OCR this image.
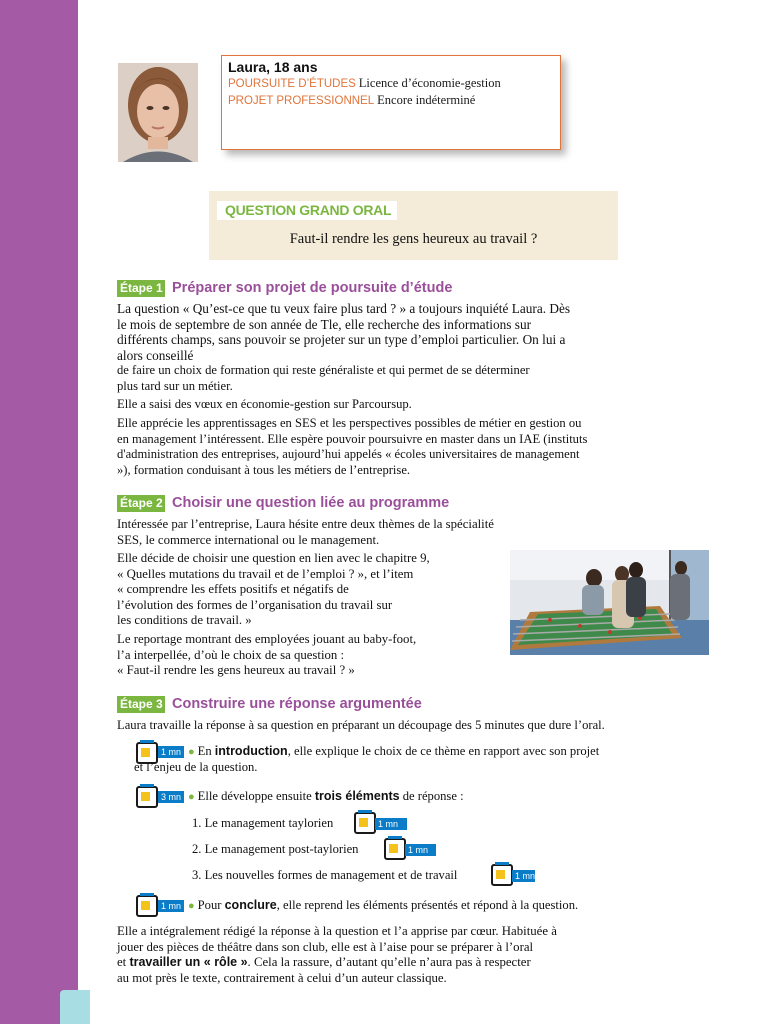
Laura, 18 ans
POURSUITE D’ÉTUDES Licence d’économie-gestion
PROJET PROFESSIONNEL Encore indéterminé
QUESTION GRAND ORAL
Faut-il rendre les gens heureux au travail ?
Étape 1 Préparer son projet de poursuite d’étude
La question « Qu’est-ce que tu veux faire plus tard ? » a toujours inquiété Laura. Dès
le mois de septembre de son année de Tle, elle recherche des informations sur
différents champs, sans pouvoir se projeter sur un type d’emploi particulier. On lui a
alors conseillé
de faire un choix de formation qui reste généraliste et qui permet de se déterminer
plus tard sur un métier.
Elle a saisi des vœux en économie-gestion sur Parcoursup.
Elle apprécie les apprentissages en SES et les perspectives possibles de métier en gestion ou
en management l’intéressent. Elle espère pouvoir poursuivre en master dans un IAE (instituts
d'administration des entreprises, aujourd’hui appelés « écoles universitaires de management
»), formation conduisant à tous les métiers de l’entreprise.
Étape 2 Choisir une question liée au programme
Intéressée par l’entreprise, Laura hésite entre deux thèmes de la spécialité
SES, le commerce international ou le management.
Elle décide de choisir une question en lien avec le chapitre 9,
« Quelles mutations du travail et de l’emploi ? », et l’item
« comprendre les effets positifs et négatifs de
l’évolution des formes de l’organisation du travail sur
les conditions de travail. »
Le reportage montrant des employées jouant au baby-foot,
l’a interpellée, d’où le choix de sa question :
« Faut-il rendre les gens heureux au travail ? »
Étape 3 Construire une réponse argumentée
Laura travaille la réponse à sa question en préparant un découpage des 5 minutes que dure l’oral.
1 mn ● En introduction, elle explique le choix de ce thème en rapport avec son projet
et l’enjeu de la question.
3 mn ● Elle développe ensuite trois éléments de réponse :
1. Le management taylorien	1 mn
2. Le management post-taylorien	1 mn
3. Les nouvelles formes de management et de travail	1 mn
1 mn ● Pour conclure, elle reprend les éléments présentés et répond à la question.
Elle a intégralement rédigé la réponse à la question et l’a apprise par cœur. Habituée à
jouer des pièces de théâtre dans son club, elle est à l’aise pour se préparer à l’oral
et travailler un « rôle ». Cela la rassure, d’autant qu’elle n’aura pas à respecter
au mot près le texte, contrairement à celui d’un auteur classique.
